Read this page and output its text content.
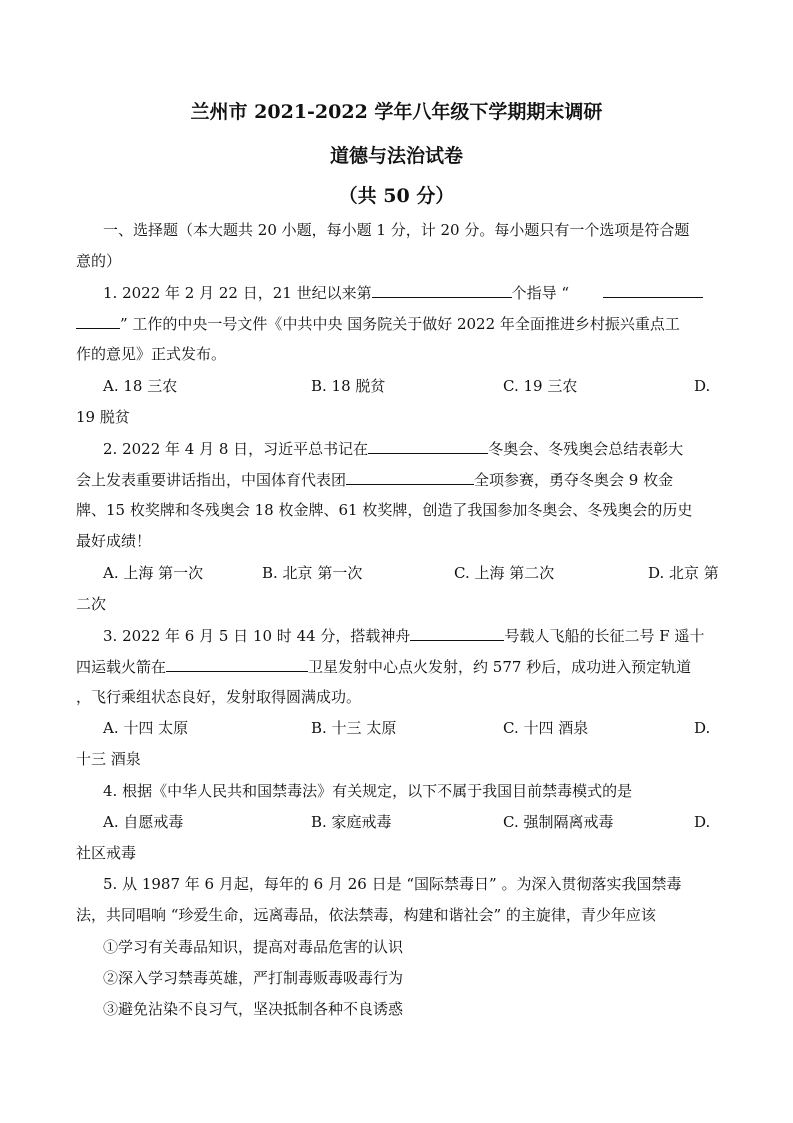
兰州市 2021-2022 学年八年级下学期期末调研
道德与法治试卷
（共 50 分）
一、选择题（本大题共 20 小题，每小题 1 分，计 20 分。每小题只有一个选项是符合题
意的）
1. 2022 年 2 月 22 日，21 世纪以来第	个指导 “
” 工作的中央一号文件《中共中央 国务院关于做好 2022 年全面推进乡村振兴重点工
作的意见》正式发布。
A. 18 三农	B. 18 脱贫	C. 19 三农	D.
19 脱贫
2. 2022 年 4 月 8 日，习近平总书记在	冬奥会、冬残奥会总结表彰大
会上发表重要讲话指出，中国体育代表团	全项参赛，勇夺冬奥会 9 枚金
牌、15 枚奖牌和冬残奥会 18 枚金牌、61 枚奖牌，创造了我国参加冬奥会、冬残奥会的历史
最好成绩！
A. 上海 第一次	B. 北京 第一次	C. 上海 第二次	D. 北京 第
二次
3. 2022 年 6 月 5 日 10 时 44 分，搭载神舟	号载人飞船的长征二号 F 遥十
四运载火箭在	卫星发射中心点火发射，约 577 秒后，成功进入预定轨道
，飞行乘组状态良好，发射取得圆满成功。
A. 十四 太原	B. 十三 太原	C. 十四 酒泉	D.
十三 酒泉
4. 根据《中华人民共和国禁毒法》有关规定，以下不属于我国目前禁毒模式的是
A. 自愿戒毒	B. 家庭戒毒	C. 强制隔离戒毒	D.
社区戒毒
5. 从 1987 年 6 月起，每年的 6 月 26 日是 “国际禁毒日” 。为深入贯彻落实我国禁毒
法，共同唱响 “珍爱生命，远离毒品，依法禁毒，构建和谐社会” 的主旋律，青少年应该
①学习有关毒品知识，提高对毒品危害的认识
②深入学习禁毒英雄，严打制毒贩毒吸毒行为
③避免沾染不良习气，坚决抵制各种不良诱惑
